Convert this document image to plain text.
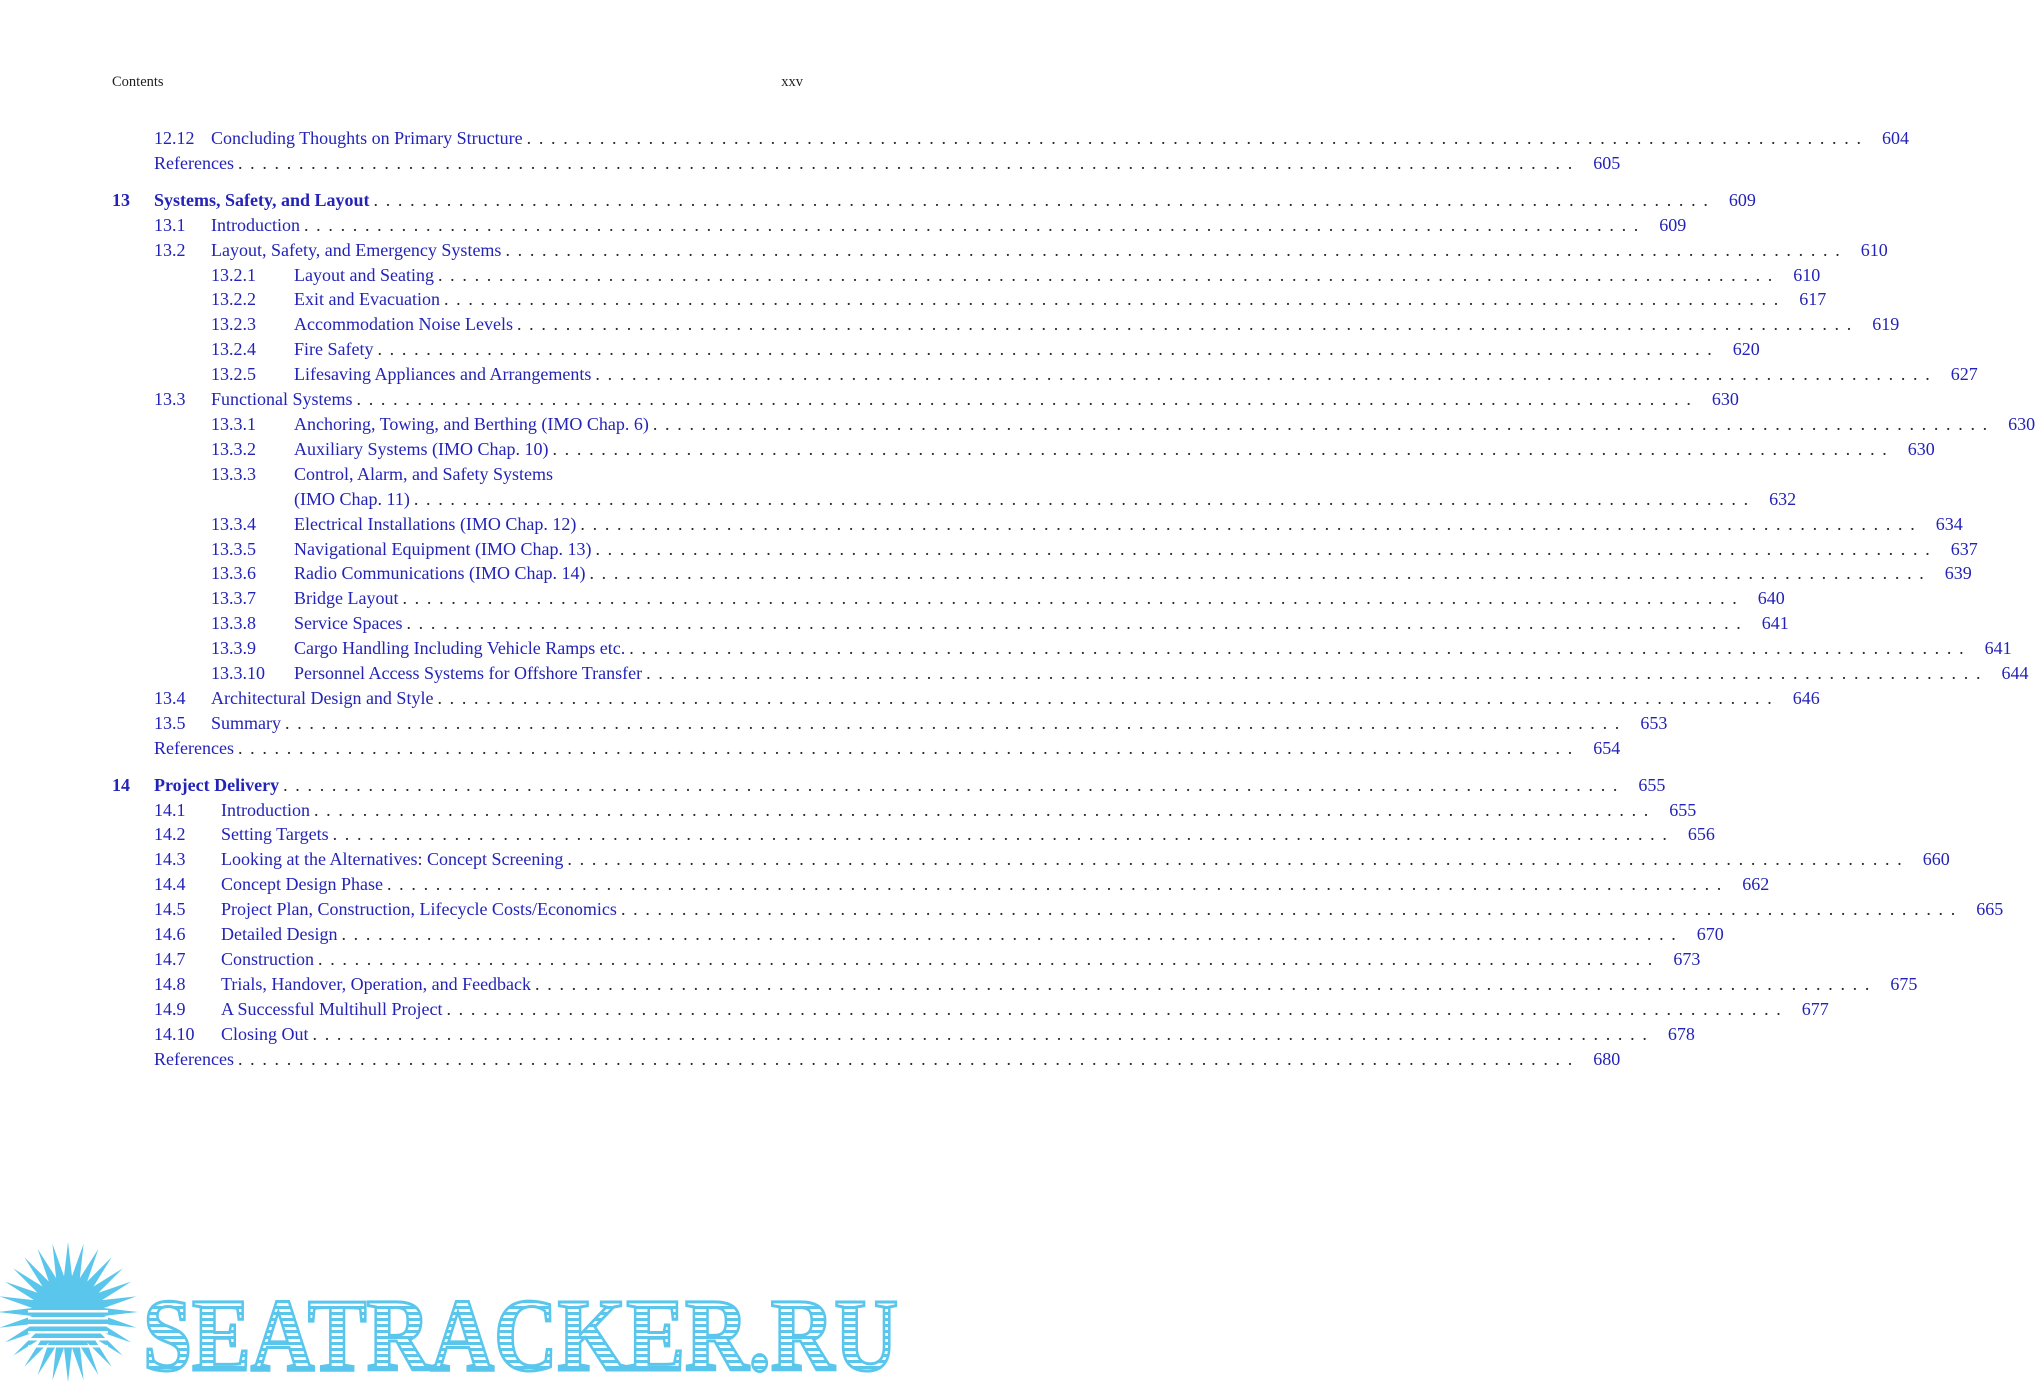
Contents	xxv
12.12 Concluding Thoughts on Primary Structure . . .	604
References . . .	605
13 Systems, Safety, and Layout . . .	609
13.1 Introduction . . .	609
13.2 Layout, Safety, and Emergency Systems . . .	610
13.2.1 Layout and Seating . . .	610
13.2.2 Exit and Evacuation . . .	617
13.2.3 Accommodation Noise Levels . . .	619
13.2.4 Fire Safety . . .	620
13.2.5 Lifesaving Appliances and Arrangements . . .	627
13.3 Functional Systems . . .	630
13.3.1 Anchoring, Towing, and Berthing (IMO Chap. 6) . . .	630
13.3.2 Auxiliary Systems (IMO Chap. 10) . . .	630
13.3.3 Control, Alarm, and Safety Systems
(IMO Chap. 11) . . .	632
13.3.4 Electrical Installations (IMO Chap. 12) . . .	634
13.3.5 Navigational Equipment (IMO Chap. 13) . . .	637
13.3.6 Radio Communications (IMO Chap. 14) . . .	639
13.3.7 Bridge Layout . . .	640
13.3.8 Service Spaces . . .	641
13.3.9 Cargo Handling Including Vehicle Ramps etc. . . .	641
13.3.10 Personnel Access Systems for Offshore Transfer . . .	644
13.4 Architectural Design and Style . . .	646
13.5 Summary . . .	653
References . . .	654
14 Project Delivery . . .	655
14.1 Introduction . . .	655
14.2 Setting Targets . . .	656
14.3 Looking at the Alternatives: Concept Screening . . .	660
14.4 Concept Design Phase . . .	662
14.5 Project Plan, Construction, Lifecycle Costs/Economics . . .	665
14.6 Detailed Design . . .	670
14.7 Construction . . .	673
14.8 Trials, Handover, Operation, and Feedback . . .	675
14.9 A Successful Multihull Project . . .	677
14.10 Closing Out . . .	678
References . . .	680
SEATRACKER.RU
